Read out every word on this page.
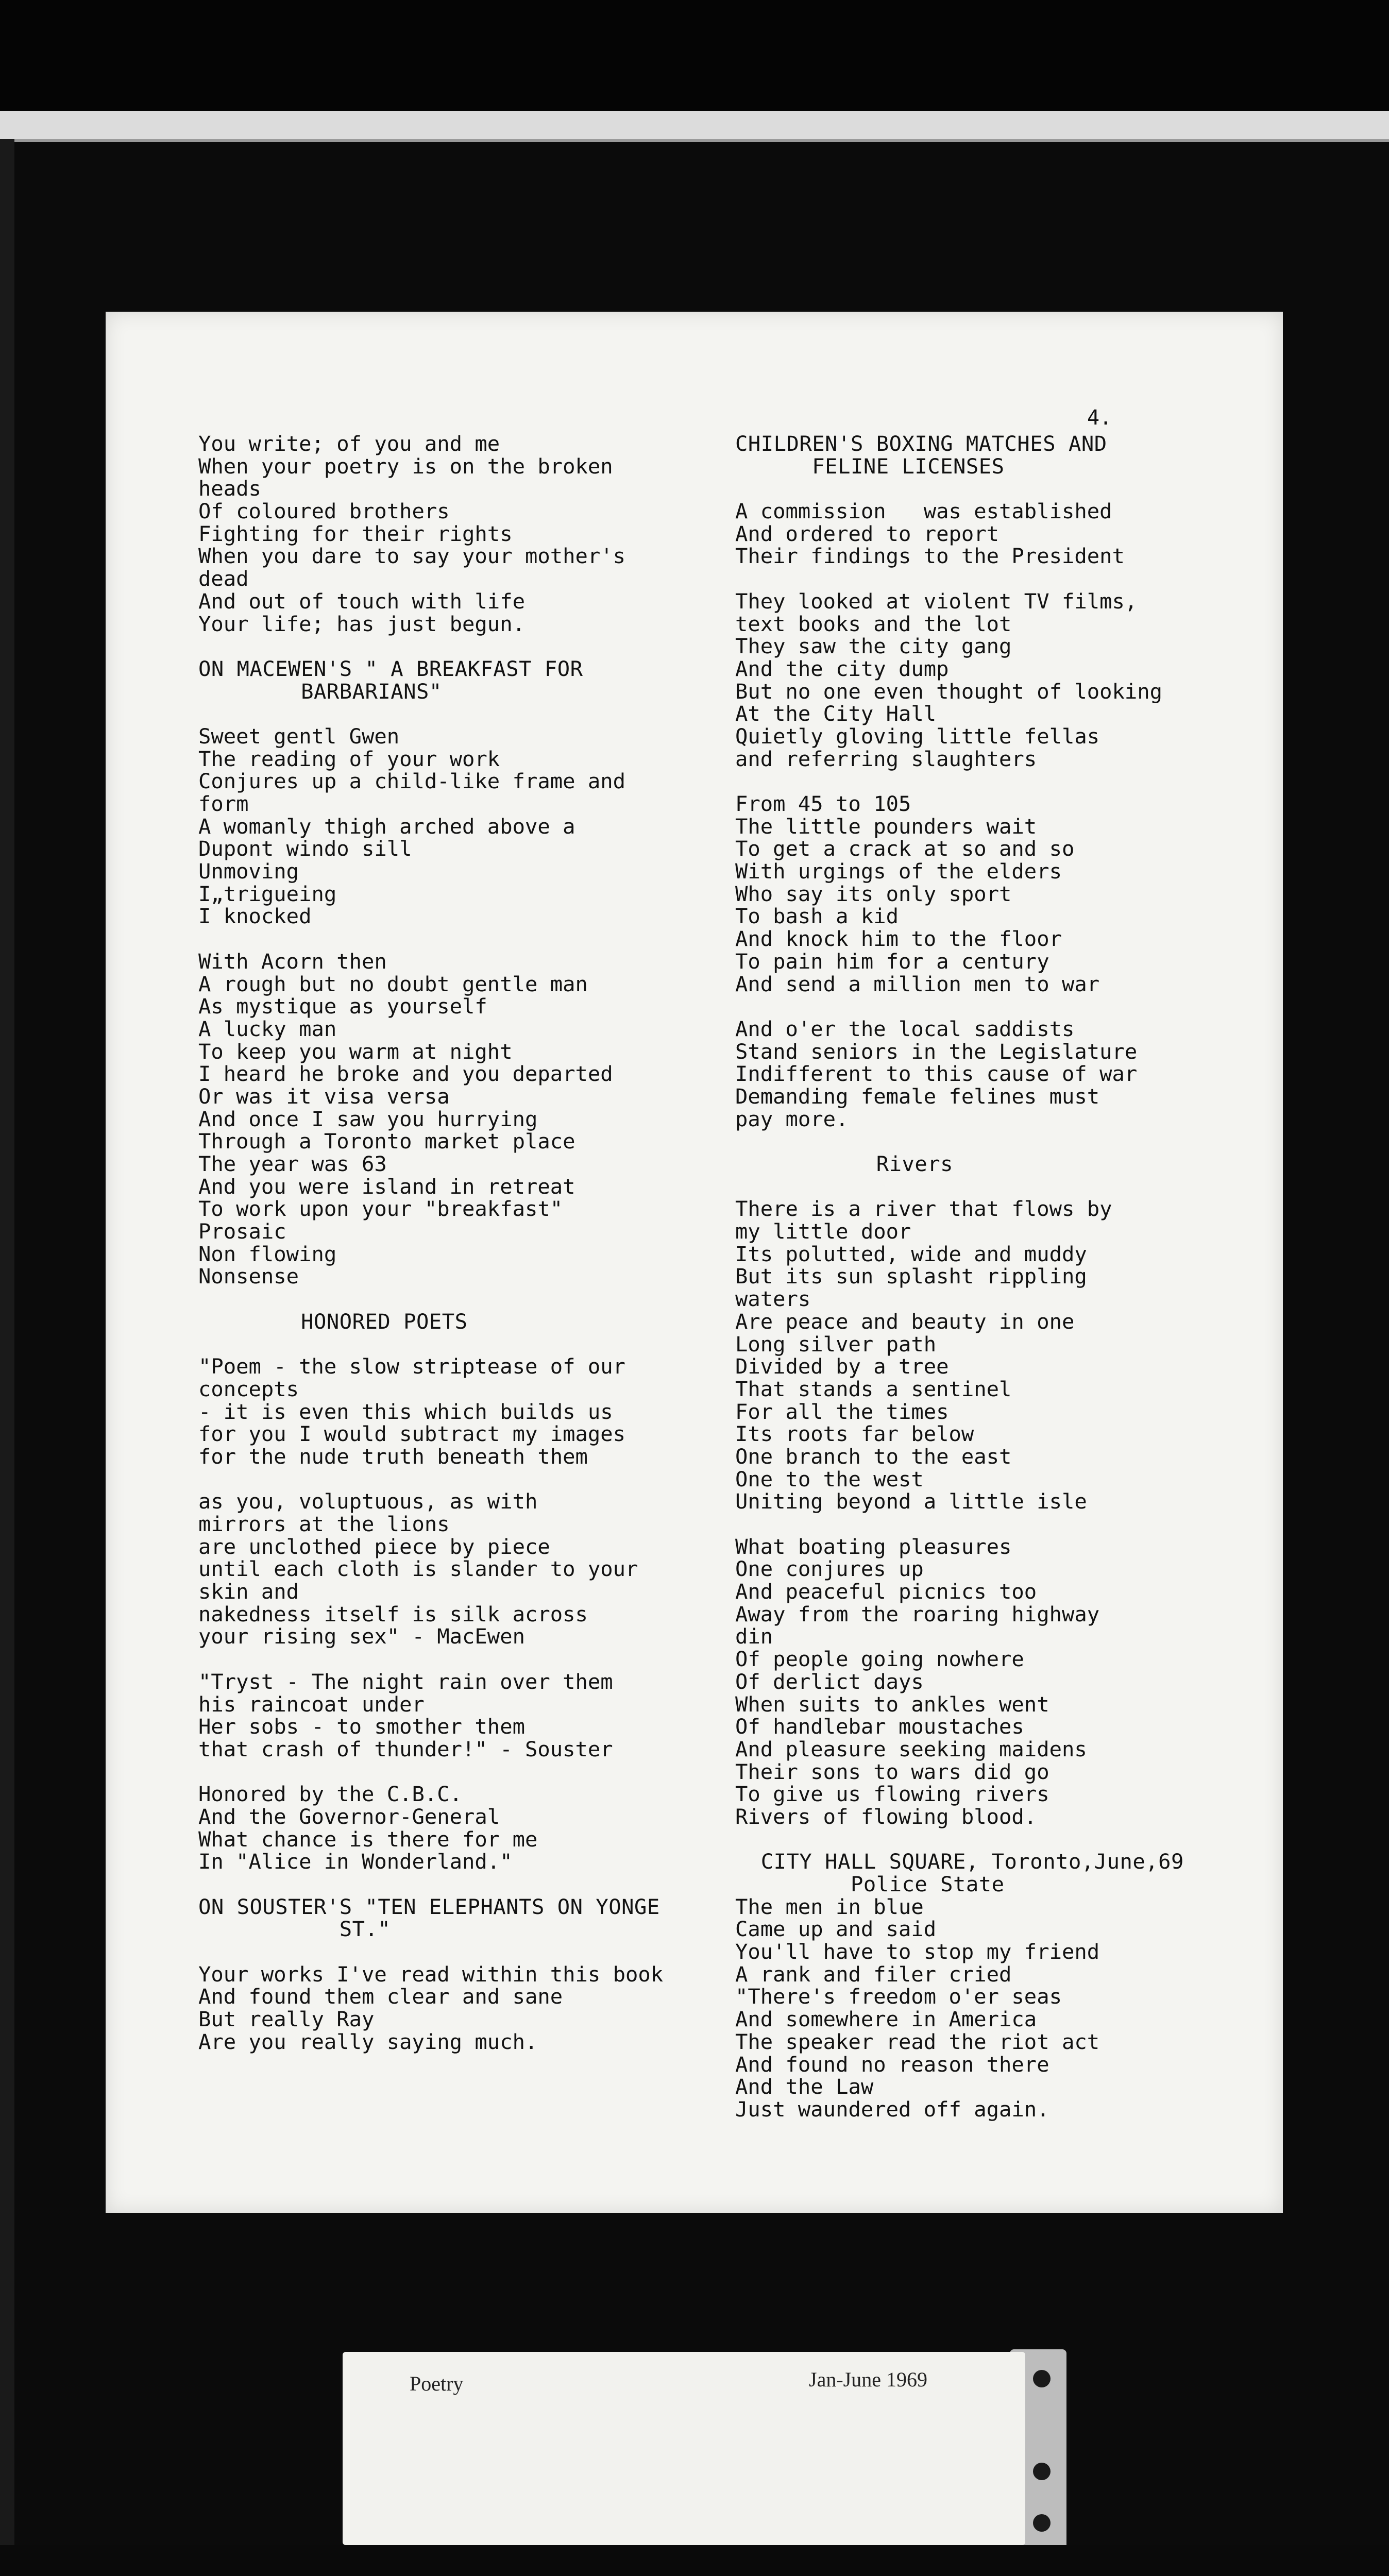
4.
You write; of you and me
When your poetry is on the broken
heads
Of coloured brothers
Fighting for their rights
When you dare to say your mother's
dead
And out of touch with life
Your life; has just begun.
ON MACEWEN'S " A BREAKFAST FOR
BARBARIANS"
Sweet gentl Gwen
The reading of your work
Conjures up a child-like frame and
form
A womanly thigh arched above a
Dupont windo sill
Unmoving
I„trigueing
I knocked
With Acorn then
A rough but no doubt gentle man
As mystique as yourself
A lucky man
To keep you warm at night
I heard he broke and you departed
Or was it visa versa
And once I saw you hurrying
Through a Toronto market place
The year was 63
And you were island in retreat
To work upon your "breakfast"
Prosaic
Non flowing
Nonsense
HONORED POETS
"Poem - the slow striptease of our
concepts
- it is even this which builds us
for you I would subtract my images
for the nude truth beneath them
as you, voluptuous, as with
mirrors at the lions
are unclothed piece by piece
until each cloth is slander to your
skin and
nakedness itself is silk across
your rising sex" - MacEwen
"Tryst - The night rain over them
his raincoat under
Her sobs - to smother them
that crash of thunder!" - Souster
Honored by the C.B.C.
And the Governor-General
What chance is there for me
In "Alice in Wonderland."
ON SOUSTER'S "TEN ELEPHANTS ON YONGE
ST."
Your works I've read within this book
And found them clear and sane
But really Ray
Are you really saying much.
CHILDREN'S BOXING MATCHES AND
FELINE LICENSES
A commission   was established
And ordered to report
Their findings to the President
They looked at violent TV films,
text books and the lot
They saw the city gang
And the city dump
But no one even thought of looking
At the City Hall
Quietly gloving little fellas
and referring slaughters
From 45 to 105
The little pounders wait
To get a crack at so and so
With urgings of the elders
Who say its only sport
To bash a kid
And knock him to the floor
To pain him for a century
And send a million men to war
And o'er the local saddists
Stand seniors in the Legislature
Indifferent to this cause of war
Demanding female felines must
pay more.
Rivers
There is a river that flows by
my little door
Its polutted, wide and muddy
But its sun splasht rippling
waters
Are peace and beauty in one
Long silver path
Divided by a tree
That stands a sentinel
For all the times
Its roots far below
One branch to the east
One to the west
Uniting beyond a little isle
What boating pleasures
One conjures up
And peaceful picnics too
Away from the roaring highway
din
Of people going nowhere
Of derlict days
When suits to ankles went
Of handlebar moustaches
And pleasure seeking maidens
Their sons to wars did go
To give us flowing rivers
Rivers of flowing blood.
CITY HALL SQUARE, Toronto,June,69
Police State
The men in blue
Came up and said
You'll have to stop my friend
A rank and filer cried
"There's freedom o'er seas
And somewhere in America
The speaker read the riot act
And found no reason there
And the Law
Just waundered off again.
Poetry	Jan-June 1969
